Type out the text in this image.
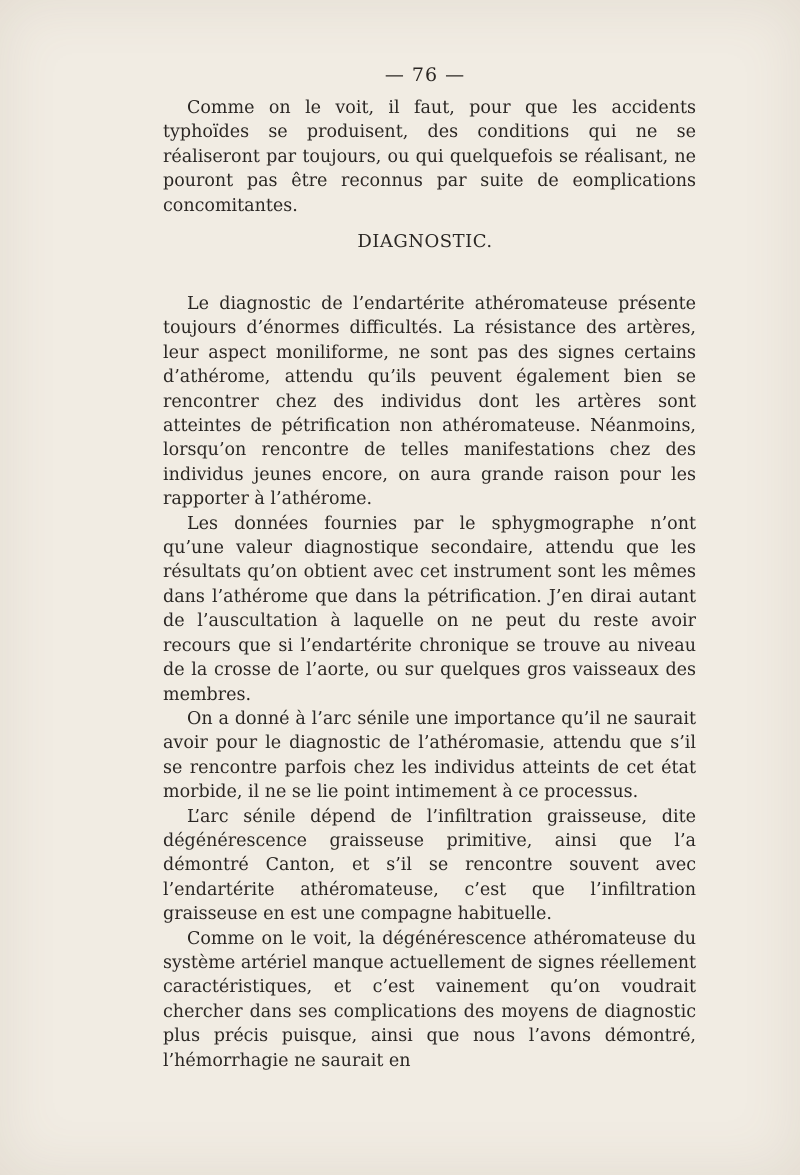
— 76 —

Comme on le voit, il faut, pour que les accidents typhoïdes se produisent, des conditions qui ne se réaliseront par toujours, ou qui quelquefois se réalisant, ne pouront pas être reconnus par suite de eomplications concomitantes.

DIAGNOSTIC.

Le diagnostic de l’endartérite athéromateuse présente toujours d’énormes difficultés. La résistance des artères, leur aspect moniliforme, ne sont pas des signes certains d’athérome, attendu qu’ils peuvent également bien se rencontrer chez des individus dont les artères sont atteintes de pétrification non athéromateuse. Néanmoins, lorsqu’on rencontre de telles manifestations chez des individus jeunes encore, on aura grande raison pour les rapporter à l’athérome.

Les données fournies par le sphygmographe n’ont qu’une valeur diagnostique secondaire, attendu que les résultats qu’on obtient avec cet instrument sont les mêmes dans l’athérome que dans la pétrification. J’en dirai autant de l’auscultation à laquelle on ne peut du reste avoir recours que si l’endartérite chronique se trouve au niveau de la crosse de l’aorte, ou sur quelques gros vaisseaux des membres.

On a donné à l’arc sénile une importance qu’il ne saurait avoir pour le diagnostic de l’athéromasie, attendu que s’il se rencontre parfois chez les individus atteints de cet état morbide, il ne se lie point intimement à ce processus.

L’arc sénile dépend de l’infiltration graisseuse, dite dégénérescence graisseuse primitive, ainsi que l’a démontré Canton, et s’il se rencontre souvent avec l’endartérite athéromateuse, c’est que l’infiltration graisseuse en est une compagne habituelle.

Comme on le voit, la dégénérescence athéromateuse du système artériel manque actuellement de signes réellement caractéristiques, et c’est vainement qu’on voudrait chercher dans ses complications des moyens de diagnostic plus précis puisque, ainsi que nous l’avons démontré, l’hémorrhagie ne saurait en
